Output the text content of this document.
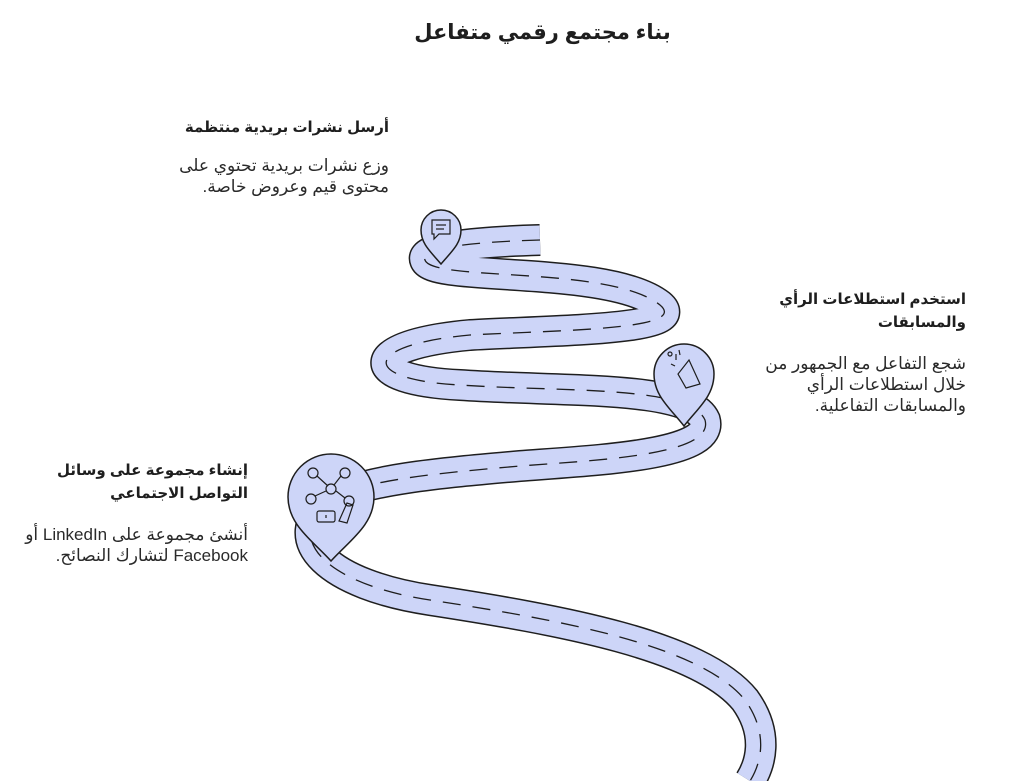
بناء مجتمع رقمي متفاعل

أرسل نشرات بريدية منتظمة

وزع نشرات بريدية تحتوي على محتوى قيم وعروض خاصة.

استخدم استطلاعات الرأي والمسابقات

شجع التفاعل مع الجمهور من خلال استطلاعات الرأي والمسابقات التفاعلية.

إنشاء مجموعة على وسائل التواصل الاجتماعي

أنشئ مجموعة على LinkedIn أو Facebook لتشارك النصائح.
